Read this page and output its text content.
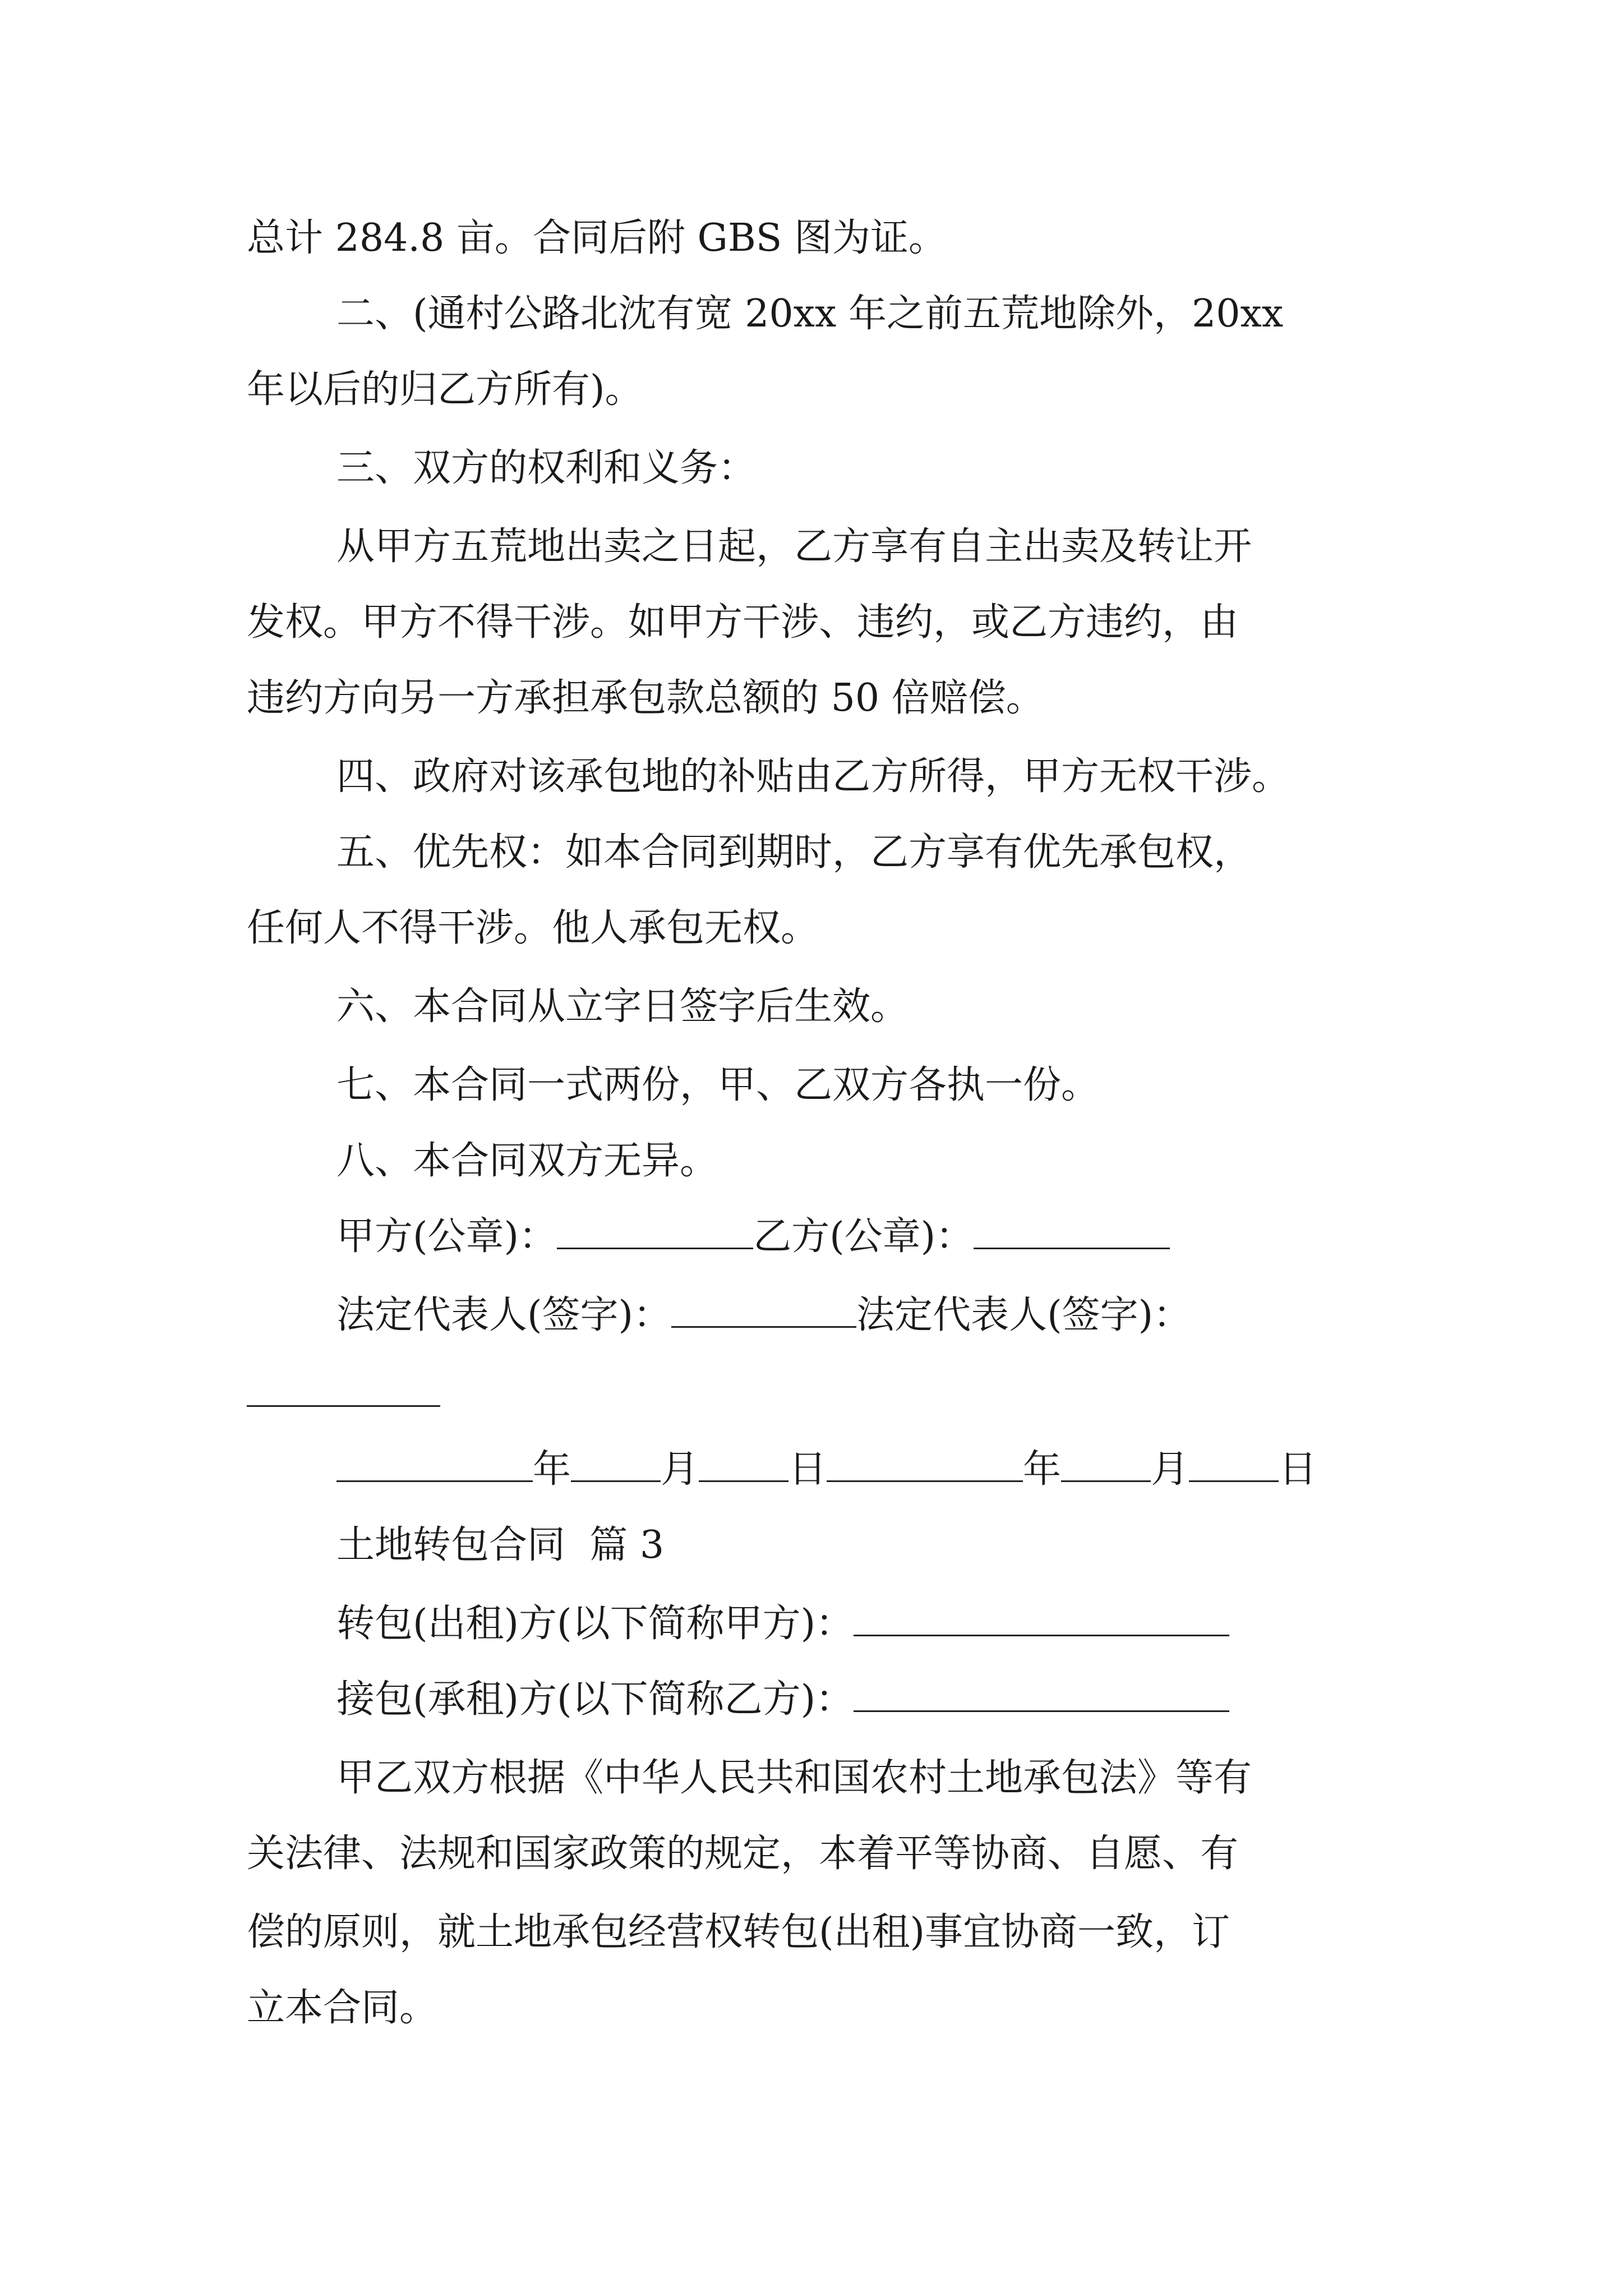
总计 284.8 亩。合同后附 GBS 图为证。
二、(通村公路北沈有宽 20xx 年之前五荒地除外，20xx
年以后的归乙方所有)。
三、双方的权利和义务：
从甲方五荒地出卖之日起，乙方享有自主出卖及转让开
发权。甲方不得干涉。如甲方干涉、违约，或乙方违约，由
违约方向另一方承担承包款总额的 50 倍赔偿。
四、政府对该承包地的补贴由乙方所得，甲方无权干涉。
五、优先权：如本合同到期时，乙方享有优先承包权，
任何人不得干涉。他人承包无权。
六、本合同从立字日签字后生效。
七、本合同一式两份，甲、乙双方各执一份。
八、本合同双方无异。
甲方(公章)：	乙方(公章)：
法定代表人(签字)：	法定代表人(签字)：
年 月 日	年 月 日
土地转包合同  篇 3
转包(出租)方(以下简称甲方)：
接包(承租)方(以下简称乙方)：
甲乙双方根据《中华人民共和国农村土地承包法》等有
关法律、法规和国家政策的规定，本着平等协商、自愿、有
偿的原则，就土地承包经营权转包(出租)事宜协商一致，订
立本合同。
